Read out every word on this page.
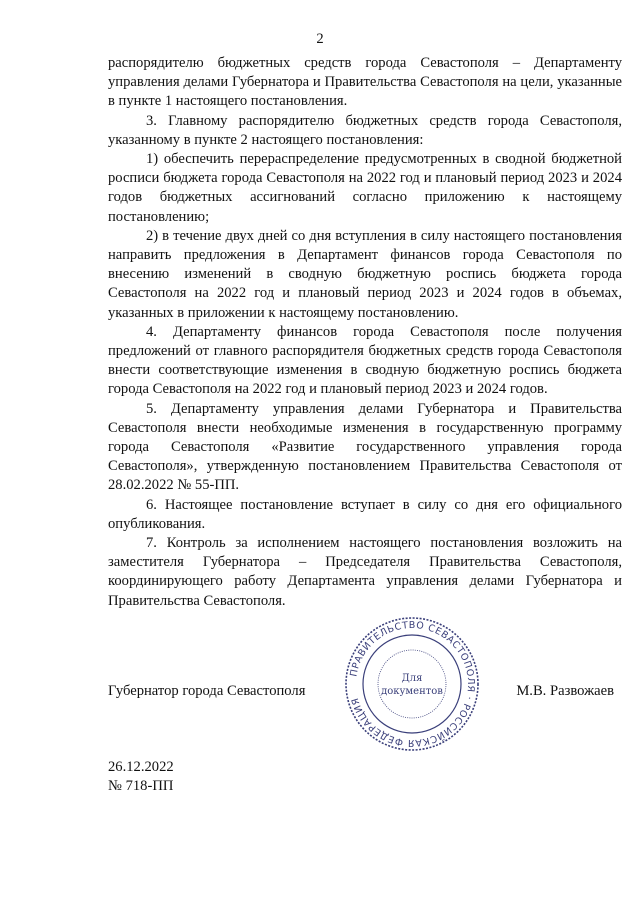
2

распорядителю бюджетных средств города Севастополя – Департаменту управления делами Губернатора и Правительства Севастополя на цели, указанные в пункте 1 настоящего постановления.

3. Главному распорядителю бюджетных средств города Севастополя, указанному в пункте 2 настоящего постановления:

1) обеспечить перераспределение предусмотренных в сводной бюджетной росписи бюджета города Севастополя на 2022 год и плановый период 2023 и 2024 годов бюджетных ассигнований согласно приложению к настоящему постановлению;

2) в течение двух дней со дня вступления в силу настоящего постановления направить предложения в Департамент финансов города Севастополя по внесению изменений в сводную бюджетную роспись бюджета города Севастополя на 2022 год и плановый период 2023 и 2024 годов в объемах, указанных в приложении к настоящему постановлению.

4. Департаменту финансов города Севастополя после получения предложений от главного распорядителя бюджетных средств города Севастополя внести соответствующие изменения в сводную бюджетную роспись бюджета города Севастополя на 2022 год и плановый период 2023 и 2024 годов.

5. Департаменту управления делами Губернатора и Правительства Севастополя внести необходимые изменения в государственную программу города Севастополя «Развитие государственного управления города Севастополя», утвержденную постановлением Правительства Севастополя от 28.02.2022 № 55-ПП.

6. Настоящее постановление вступает в силу со дня его официального опубликования.

7. Контроль за исполнением настоящего постановления возложить на заместителя Губернатора – Председателя Правительства Севастополя, координирующего работу Департамента управления делами Губернатора и Правительства Севастополя.

Губернатор города Севастополя	М.В. Развожаев
ПРАВИТЕЛЬСТВО СЕВАСТОПОЛЯ · РОССИЙСКАЯ ФЕДЕРАЦИЯ
Для
документов
26.12.2022
№ 718-ПП
